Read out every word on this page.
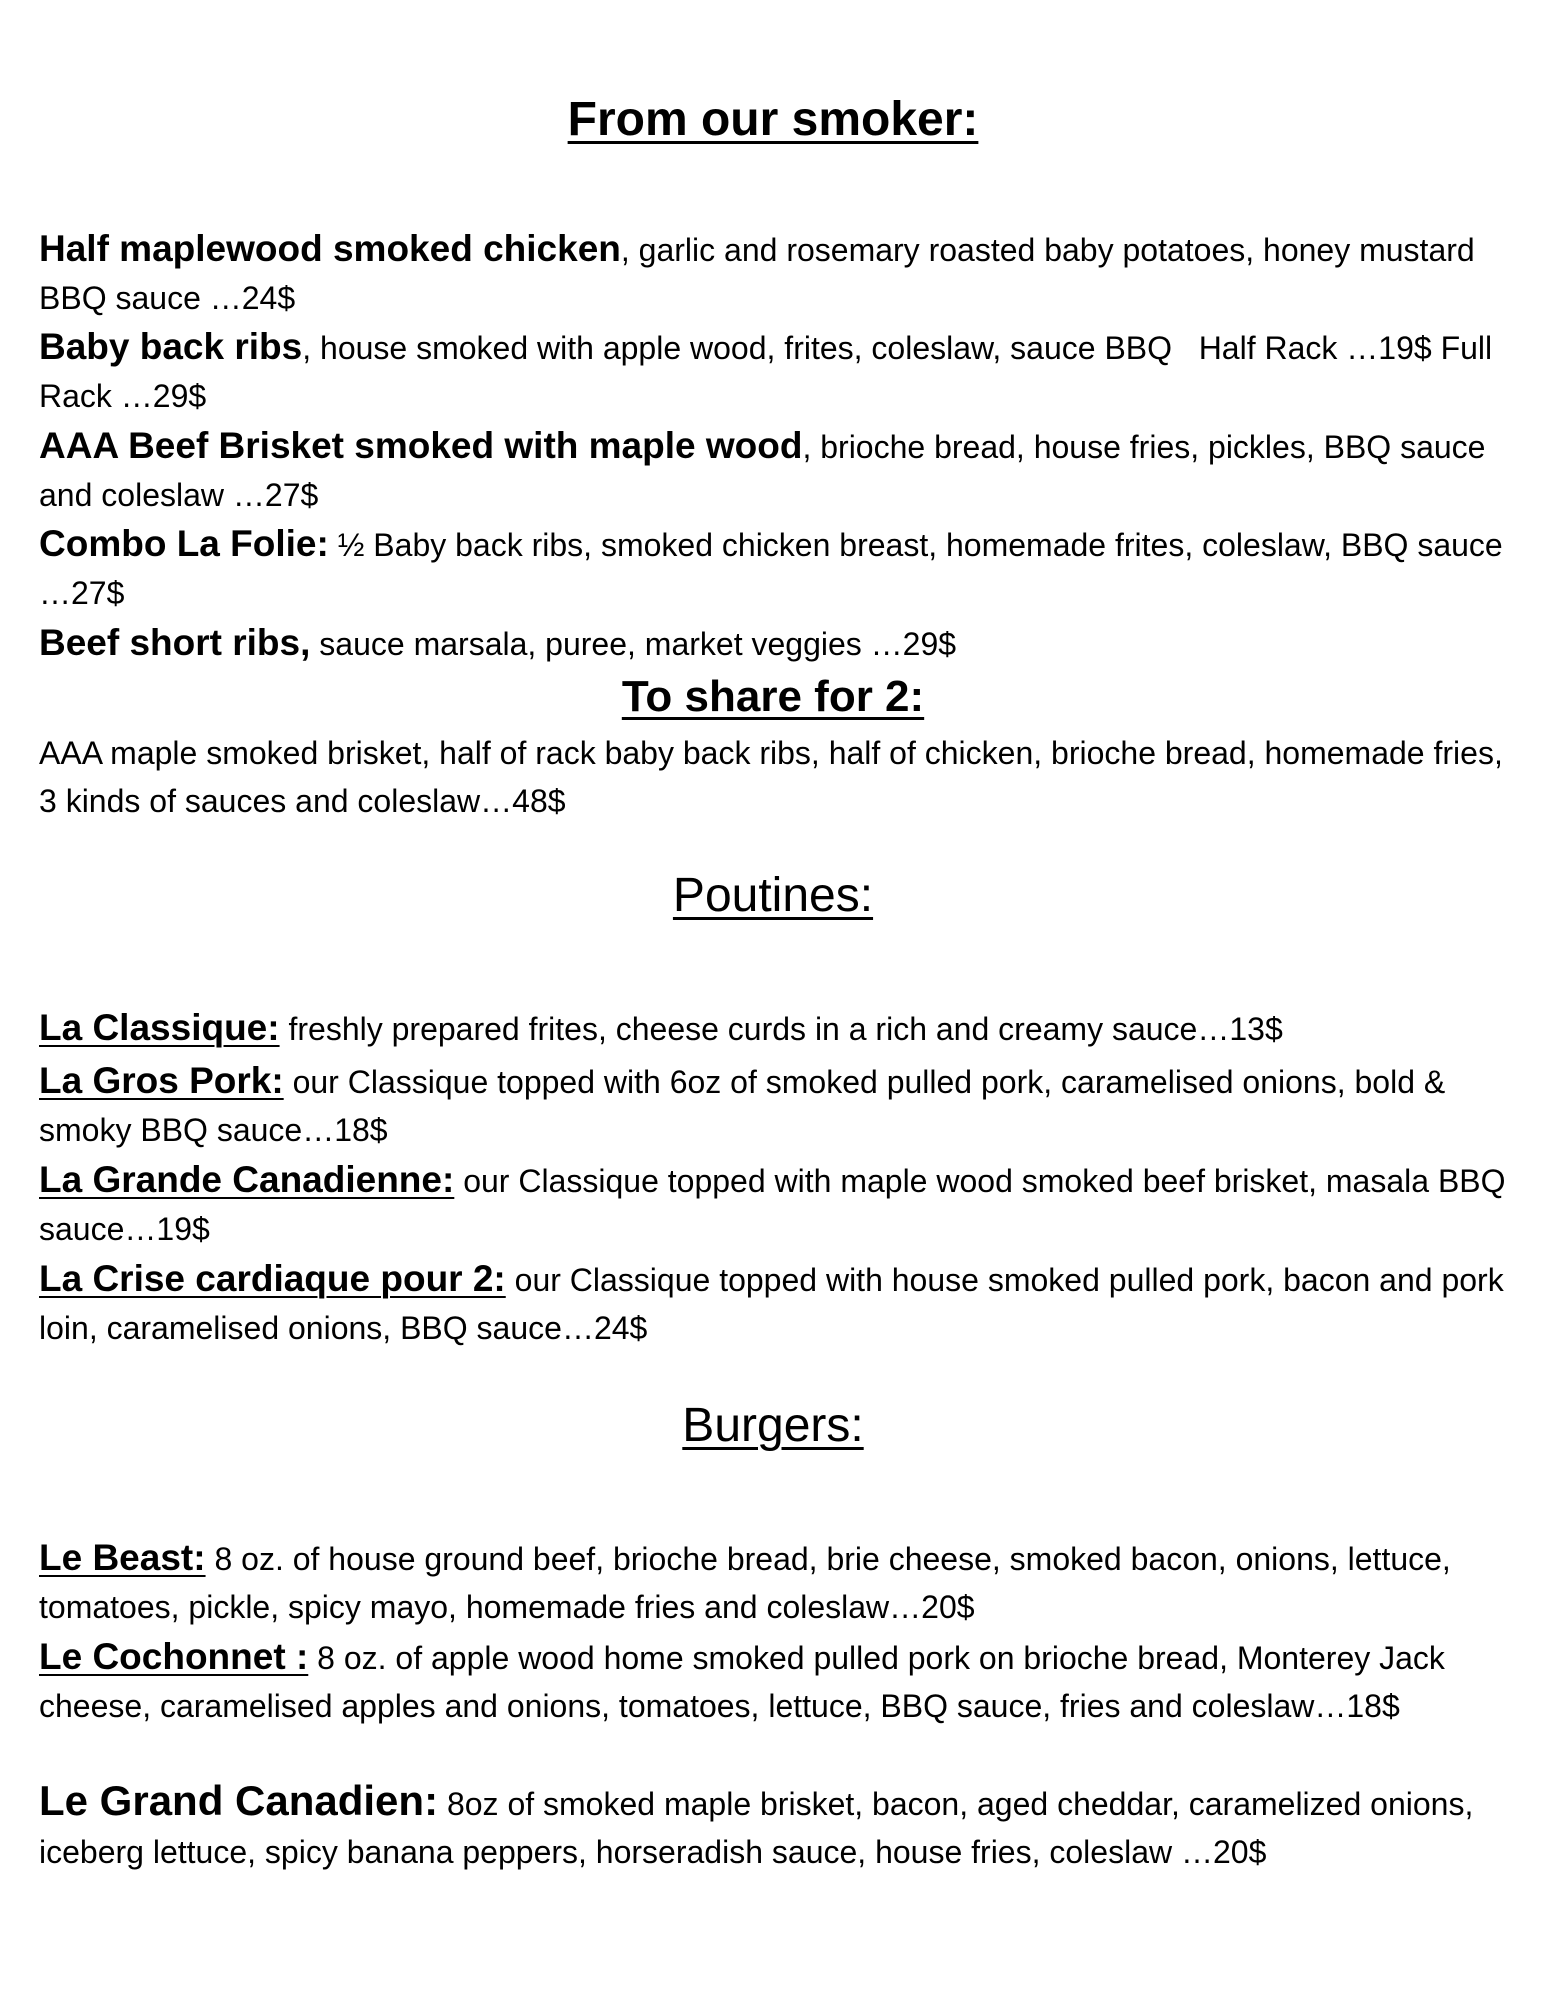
From our smoker:

Half maplewood smoked chicken, garlic and rosemary roasted baby potatoes, honey mustard BBQ sauce …24$

Baby back ribs, house smoked with apple wood, frites, coleslaw, sauce BBQ   Half Rack …19$ Full Rack …29$

AAA Beef Brisket smoked with maple wood, brioche bread, house fries, pickles, BBQ sauce and coleslaw …27$

Combo La Folie: ½ Baby back ribs, smoked chicken breast, homemade frites, coleslaw, BBQ sauce …27$

Beef short ribs, sauce marsala, puree, market veggies …29$

To share for 2:

AAA maple smoked brisket, half of rack baby back ribs, half of chicken, brioche bread, homemade fries, 3 kinds of sauces and coleslaw…48$

Poutines:

La Classique: freshly prepared frites, cheese curds in a rich and creamy sauce…13$

La Gros Pork: our Classique topped with 6oz of smoked pulled pork, caramelised onions, bold & smoky BBQ sauce…18$

La Grande Canadienne: our Classique topped with maple wood smoked beef brisket, masala BBQ sauce…19$

La Crise cardiaque pour 2: our Classique topped with house smoked pulled pork, bacon and pork loin, caramelised onions, BBQ sauce…24$

Burgers:

Le Beast: 8 oz. of house ground beef, brioche bread, brie cheese, smoked bacon, onions, lettuce, tomatoes, pickle, spicy mayo, homemade fries and coleslaw…20$

Le Cochonnet : 8 oz. of apple wood home smoked pulled pork on brioche bread, Monterey Jack cheese, caramelised apples and onions, tomatoes, lettuce, BBQ sauce, fries and coleslaw…18$

Le Grand Canadien: 8oz of smoked maple brisket, bacon, aged cheddar, caramelized onions, iceberg lettuce, spicy banana peppers, horseradish sauce, house fries, coleslaw …20$
